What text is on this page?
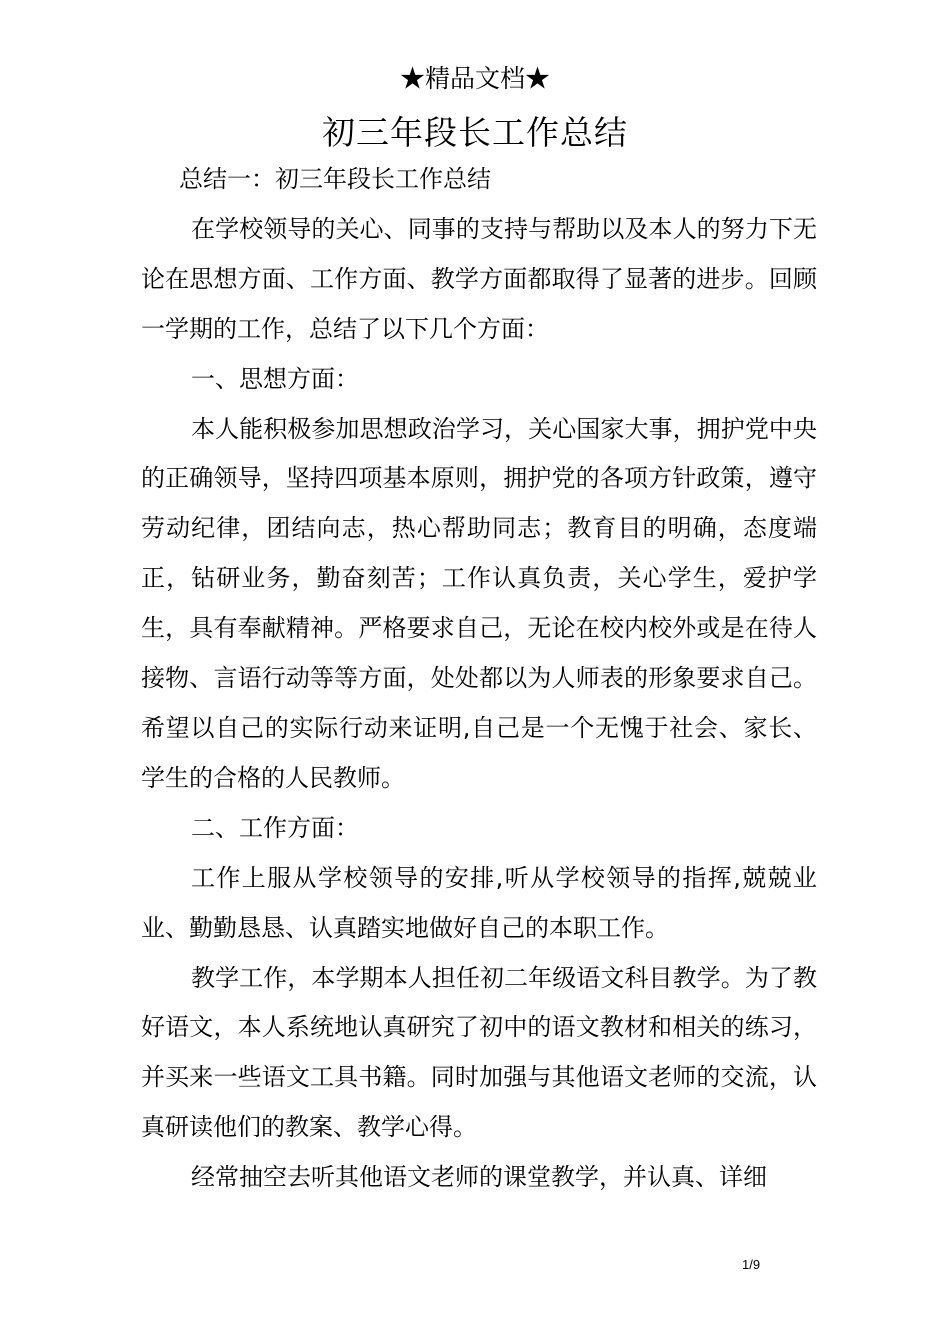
★精品文档★
初三年段长工作总结

总结一：初三年段长工作总结

在学校领导的关心、同事的支持与帮助以及本人的努力下无论在思想方面、工作方面、教学方面都取得了显著的进步。回顾一学期的工作，总结了以下几个方面：

一、思想方面：

本人能积极参加思想政治学习，关心国家大事，拥护党中央的正确领导，坚持四项基本原则，拥护党的各项方针政策，遵守劳动纪律，团结向志，热心帮助同志；教育目的明确，态度端正，钻研业务，勤奋刻苦；工作认真负责，关心学生，爱护学生，具有奉献精神。严格要求自己，无论在校内校外或是在待人接物、言语行动等等方面，处处都以为人师表的形象要求自己。希望以自己的实际行动来证明,自己是一个无愧于社会、家长、学生的合格的人民教师。

二、工作方面：

工作上服从学校领导的安排,听从学校领导的指挥,兢兢业业、勤勤恳恳、认真踏实地做好自己的本职工作。

教学工作，本学期本人担任初二年级语文科目教学。为了教好语文，本人系统地认真研究了初中的语文教材和相关的练习，并买来一些语文工具书籍。同时加强与其他语文老师的交流，认真研读他们的教案、教学心得。

经常抽空去听其他语文老师的课堂教学，并认真、详细

1/9
